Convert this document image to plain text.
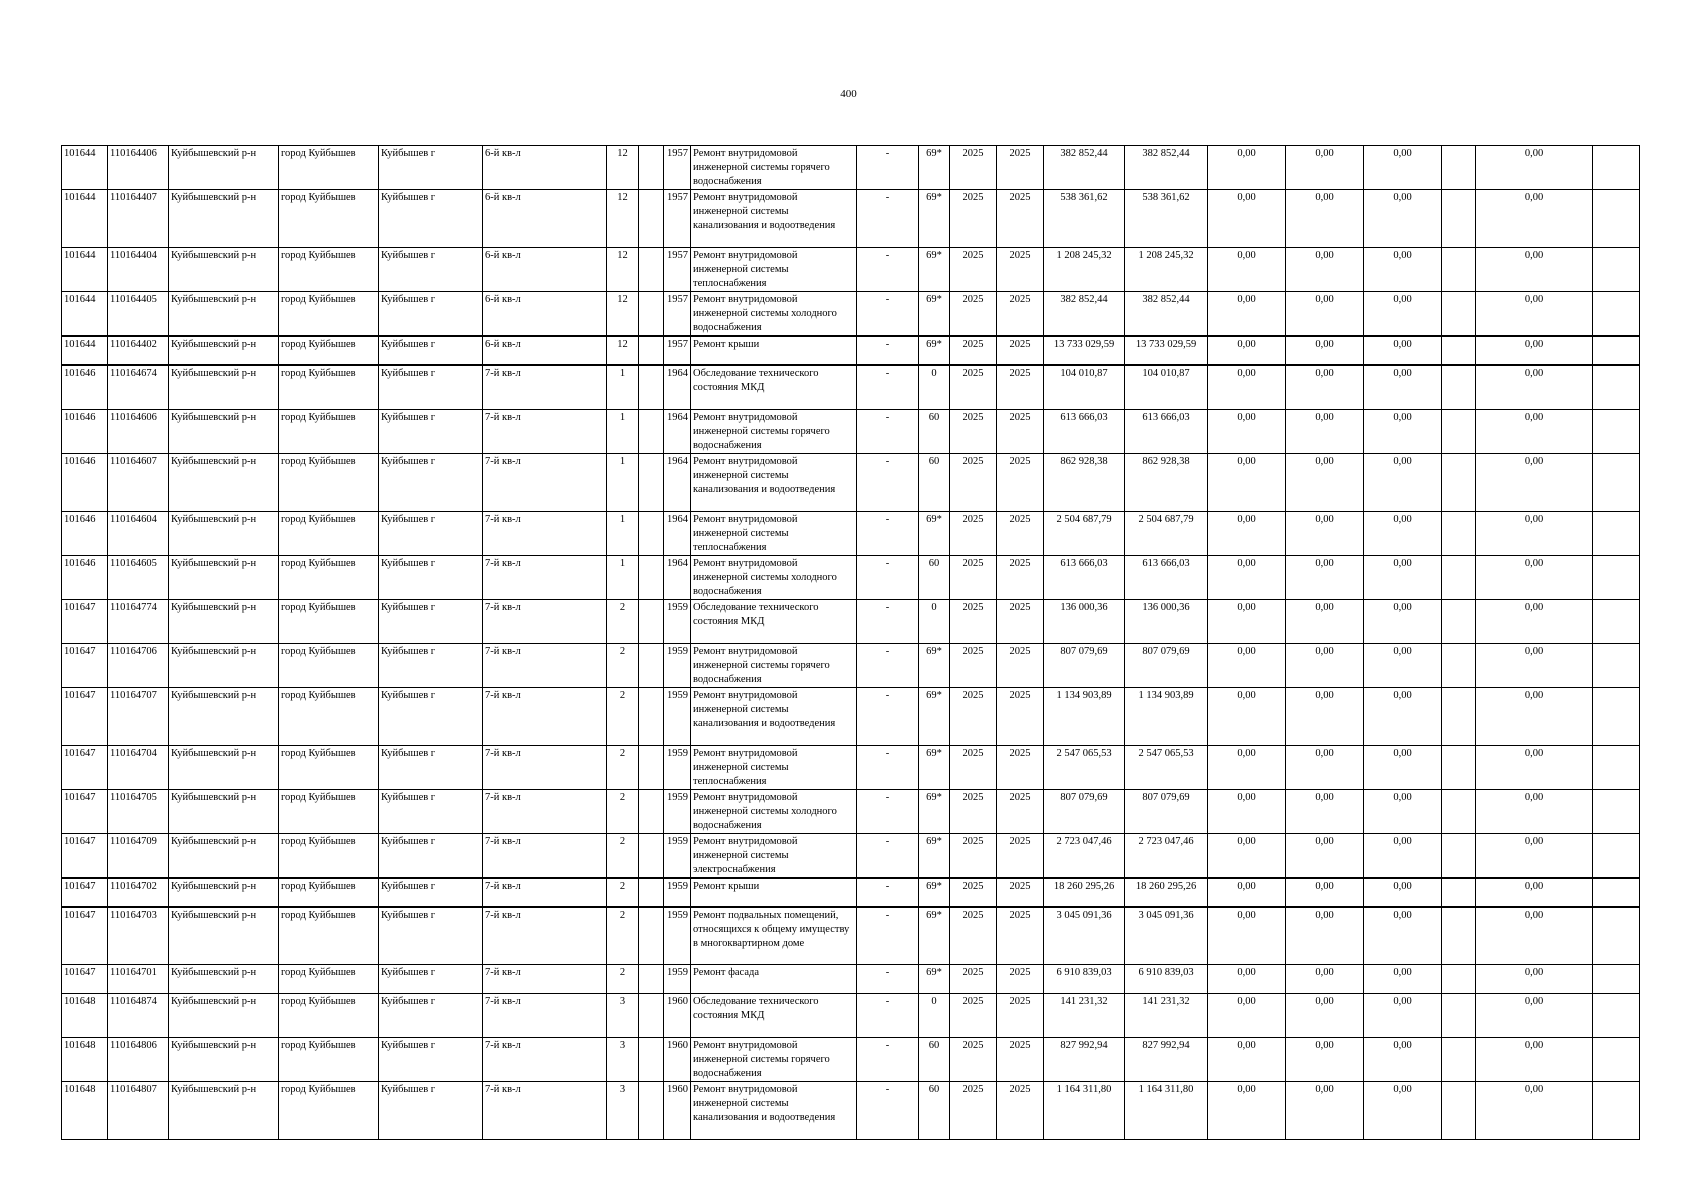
400
101644	110164406	Куйбышевский р-н	город Куйбышев	Куйбышев г	6-й кв-л	12		1957	Ремонт внутридомовой инженерной системы горячего водоснабжения	-	69*	2025	2025	382 852,44	382 852,44	0,00	0,00	0,00		0,00	
101644	110164407	Куйбышевский р-н	город Куйбышев	Куйбышев г	6-й кв-л	12		1957	Ремонт внутридомовой инженерной системы канализования и водоотведения	-	69*	2025	2025	538 361,62	538 361,62	0,00	0,00	0,00		0,00	
101644	110164404	Куйбышевский р-н	город Куйбышев	Куйбышев г	6-й кв-л	12		1957	Ремонт внутридомовой инженерной системы теплоснабжения	-	69*	2025	2025	1 208 245,32	1 208 245,32	0,00	0,00	0,00		0,00	
101644	110164405	Куйбышевский р-н	город Куйбышев	Куйбышев г	6-й кв-л	12		1957	Ремонт внутридомовой инженерной системы холодного водоснабжения	-	69*	2025	2025	382 852,44	382 852,44	0,00	0,00	0,00		0,00	
101644	110164402	Куйбышевский р-н	город Куйбышев	Куйбышев г	6-й кв-л	12		1957	Ремонт крыши	-	69*	2025	2025	13 733 029,59	13 733 029,59	0,00	0,00	0,00		0,00	
101646	110164674	Куйбышевский р-н	город Куйбышев	Куйбышев г	7-й кв-л	1		1964	Обследование технического состояния МКД	-	0	2025	2025	104 010,87	104 010,87	0,00	0,00	0,00		0,00	
101646	110164606	Куйбышевский р-н	город Куйбышев	Куйбышев г	7-й кв-л	1		1964	Ремонт внутридомовой инженерной системы горячего водоснабжения	-	60	2025	2025	613 666,03	613 666,03	0,00	0,00	0,00		0,00	
101646	110164607	Куйбышевский р-н	город Куйбышев	Куйбышев г	7-й кв-л	1		1964	Ремонт внутридомовой инженерной системы канализования и водоотведения	-	60	2025	2025	862 928,38	862 928,38	0,00	0,00	0,00		0,00	
101646	110164604	Куйбышевский р-н	город Куйбышев	Куйбышев г	7-й кв-л	1		1964	Ремонт внутридомовой инженерной системы теплоснабжения	-	69*	2025	2025	2 504 687,79	2 504 687,79	0,00	0,00	0,00		0,00	
101646	110164605	Куйбышевский р-н	город Куйбышев	Куйбышев г	7-й кв-л	1		1964	Ремонт внутридомовой инженерной системы холодного водоснабжения	-	60	2025	2025	613 666,03	613 666,03	0,00	0,00	0,00		0,00	
101647	110164774	Куйбышевский р-н	город Куйбышев	Куйбышев г	7-й кв-л	2		1959	Обследование технического состояния МКД	-	0	2025	2025	136 000,36	136 000,36	0,00	0,00	0,00		0,00	
101647	110164706	Куйбышевский р-н	город Куйбышев	Куйбышев г	7-й кв-л	2		1959	Ремонт внутридомовой инженерной системы горячего водоснабжения	-	69*	2025	2025	807 079,69	807 079,69	0,00	0,00	0,00		0,00	
101647	110164707	Куйбышевский р-н	город Куйбышев	Куйбышев г	7-й кв-л	2		1959	Ремонт внутридомовой инженерной системы канализования и водоотведения	-	69*	2025	2025	1 134 903,89	1 134 903,89	0,00	0,00	0,00		0,00	
101647	110164704	Куйбышевский р-н	город Куйбышев	Куйбышев г	7-й кв-л	2		1959	Ремонт внутридомовой инженерной системы теплоснабжения	-	69*	2025	2025	2 547 065,53	2 547 065,53	0,00	0,00	0,00		0,00	
101647	110164705	Куйбышевский р-н	город Куйбышев	Куйбышев г	7-й кв-л	2		1959	Ремонт внутридомовой инженерной системы холодного водоснабжения	-	69*	2025	2025	807 079,69	807 079,69	0,00	0,00	0,00		0,00	
101647	110164709	Куйбышевский р-н	город Куйбышев	Куйбышев г	7-й кв-л	2		1959	Ремонт внутридомовой инженерной системы электроснабжения	-	69*	2025	2025	2 723 047,46	2 723 047,46	0,00	0,00	0,00		0,00	
101647	110164702	Куйбышевский р-н	город Куйбышев	Куйбышев г	7-й кв-л	2		1959	Ремонт крыши	-	69*	2025	2025	18 260 295,26	18 260 295,26	0,00	0,00	0,00		0,00	
101647	110164703	Куйбышевский р-н	город Куйбышев	Куйбышев г	7-й кв-л	2		1959	Ремонт подвальных помещений, относящихся к общему имуществу в многоквартирном доме	-	69*	2025	2025	3 045 091,36	3 045 091,36	0,00	0,00	0,00		0,00	
101647	110164701	Куйбышевский р-н	город Куйбышев	Куйбышев г	7-й кв-л	2		1959	Ремонт фасада	-	69*	2025	2025	6 910 839,03	6 910 839,03	0,00	0,00	0,00		0,00	
101648	110164874	Куйбышевский р-н	город Куйбышев	Куйбышев г	7-й кв-л	3		1960	Обследование технического состояния МКД	-	0	2025	2025	141 231,32	141 231,32	0,00	0,00	0,00		0,00	
101648	110164806	Куйбышевский р-н	город Куйбышев	Куйбышев г	7-й кв-л	3		1960	Ремонт внутридомовой инженерной системы горячего водоснабжения	-	60	2025	2025	827 992,94	827 992,94	0,00	0,00	0,00		0,00	
101648	110164807	Куйбышевский р-н	город Куйбышев	Куйбышев г	7-й кв-л	3		1960	Ремонт внутридомовой инженерной системы канализования и водоотведения	-	60	2025	2025	1 164 311,80	1 164 311,80	0,00	0,00	0,00		0,00	
